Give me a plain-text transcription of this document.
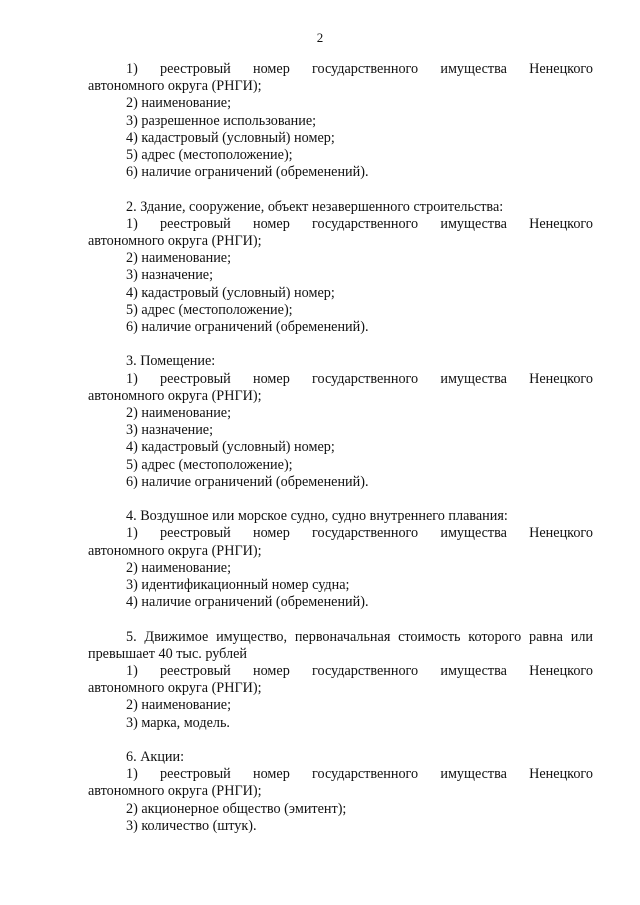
2
1) реестровый номер государственного имущества Ненецкого
автономного округа (РНГИ);
2) наименование;
3) разрешенное использование;
4) кадастровый (условный) номер;
5) адрес (местоположение);
6) наличие ограничений (обременений).
2. Здание, сооружение, объект незавершенного строительства:
1) реестровый номер государственного имущества Ненецкого
автономного округа (РНГИ);
2) наименование;
3) назначение;
4) кадастровый (условный) номер;
5) адрес (местоположение);
6) наличие ограничений (обременений).
3. Помещение:
1) реестровый номер государственного имущества Ненецкого
автономного округа (РНГИ);
2) наименование;
3) назначение;
4) кадастровый (условный) номер;
5) адрес (местоположение);
6) наличие ограничений (обременений).
4. Воздушное или морское судно, судно внутреннего плавания:
1) реестровый номер государственного имущества Ненецкого
автономного округа (РНГИ);
2) наименование;
3) идентификационный номер судна;
4) наличие ограничений (обременений).
5. Движимое имущество, первоначальная стоимость которого равна или превышает 40 тыс. рублей
1) реестровый номер государственного имущества Ненецкого
автономного округа (РНГИ);
2) наименование;
3) марка, модель.
6. Акции:
1) реестровый номер государственного имущества Ненецкого
автономного округа (РНГИ);
2) акционерное общество (эмитент);
3) количество (штук).
